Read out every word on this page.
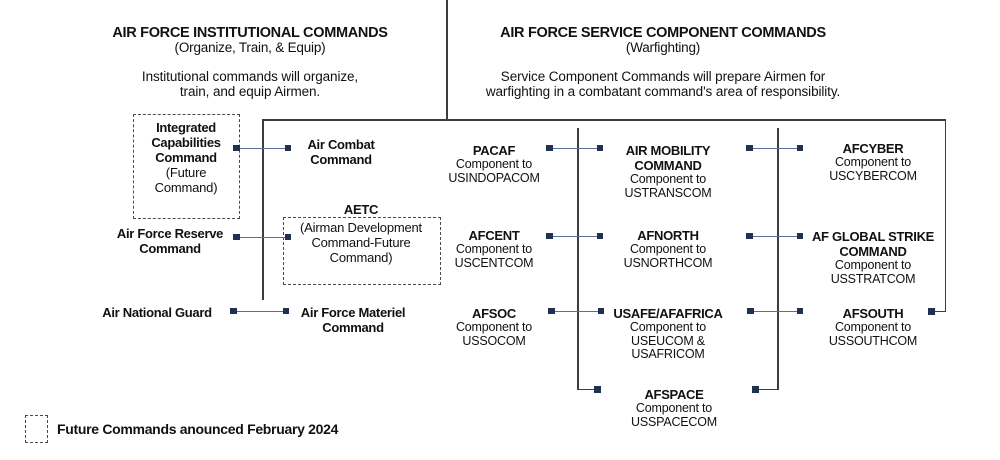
AIR FORCE INSTITUTIONAL COMMANDS
(Organize, Train, & Equip)
Institutional commands will organize,
train, and equip Airmen.
AIR FORCE SERVICE COMPONENT COMMANDS
(Warfighting)
Service Component Commands will prepare Airmen for
warfighting in a combatant command's area of responsibility.
Integrated
Capabilities
Command
(Future
Command)
Air Combat
Command
AETC
(Airman Development
Command-Future
Command)
Air Force Reserve
Command
Air National Guard	Air Force Materiel
Command
PACAF
Component to
USINDOPACOM
AFCENT
Component to
USCENTCOM
AFSOC
Component to
USSOCOM
AIR MOBILITY
COMMAND
Component to
USTRANSCOM
AFNORTH
Component to
USNORTHCOM
USAFE/AFAFRICA
Component to
USEUCOM &
USAFRICOM
AFSPACE
Component to
USSPACECOM
AFCYBER
Component to
USCYBERCOM
AF GLOBAL STRIKE
COMMAND
Component to
USSTRATCOM
AFSOUTH
Component to
USSOUTHCOM
Future Commands anounced February 2024
